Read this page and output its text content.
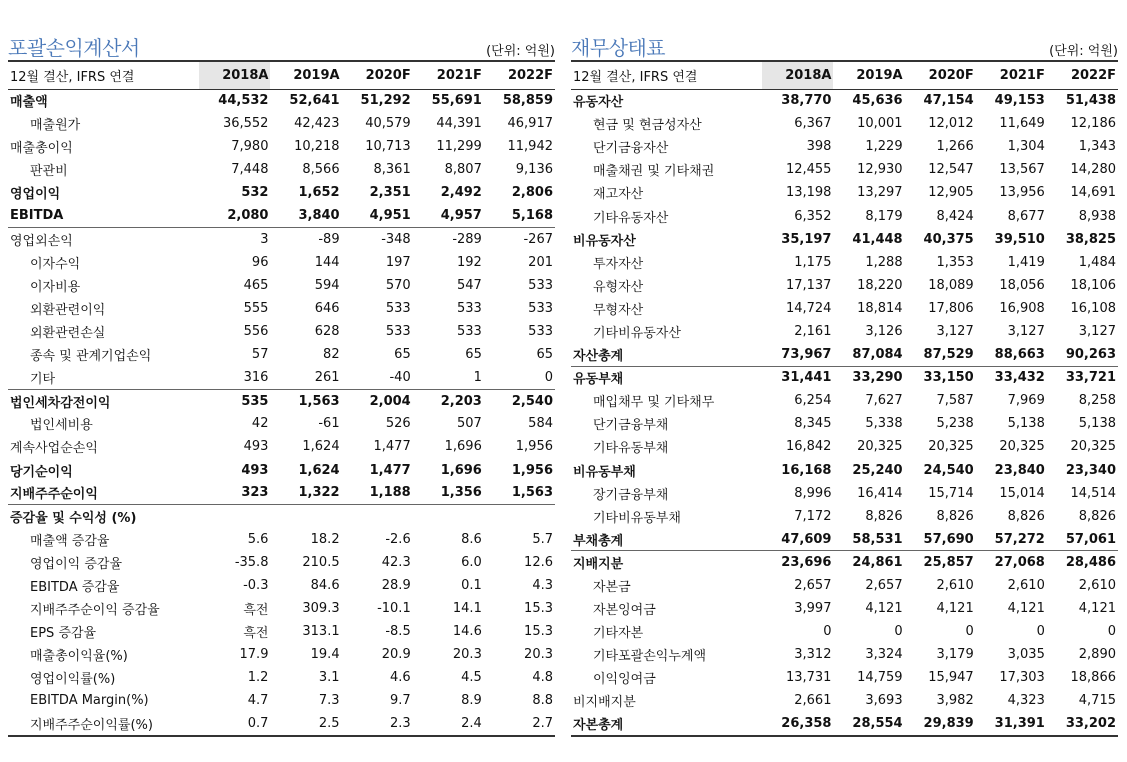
포괄손익계산서	(단위: 억원)
12월 결산, IFRS 연결	2018A	2019A	2020F	2021F	2022F
매출액	44,532	52,641	51,292	55,691	58,859
매출원가	36,552	42,423	40,579	44,391	46,917
매출총이익	7,980	10,218	10,713	11,299	11,942
판관비	7,448	8,566	8,361	8,807	9,136
영업이익	532	1,652	2,351	2,492	2,806
EBITDA	2,080	3,840	4,951	4,957	5,168
영업외손익	3	-89	-348	-289	-267
이자수익	96	144	197	192	201
이자비용	465	594	570	547	533
외환관련이익	555	646	533	533	533
외환관련손실	556	628	533	533	533
종속 및 관계기업손익	57	82	65	65	65
기타	316	261	-40	1	0
법인세차감전이익	535	1,563	2,004	2,203	2,540
법인세비용	42	-61	526	507	584
계속사업순손익	493	1,624	1,477	1,696	1,956
당기순이익	493	1,624	1,477	1,696	1,956
지배주주순이익	323	1,322	1,188	1,356	1,563
증감율 및 수익성 (%)					
매출액 증감율	5.6	18.2	-2.6	8.6	5.7
영업이익 증감율	-35.8	210.5	42.3	6.0	12.6
EBITDA 증감율	-0.3	84.6	28.9	0.1	4.3
지배주주순이익 증감율	흑전	309.3	-10.1	14.1	15.3
EPS 증감율	흑전	313.1	-8.5	14.6	15.3
매출총이익율(%)	17.9	19.4	20.9	20.3	20.3
영업이익률(%)	1.2	3.1	4.6	4.5	4.8
EBITDA Margin(%)	4.7	7.3	9.7	8.9	8.8
지배주주순이익률(%)	0.7	2.5	2.3	2.4	2.7
재무상태표	(단위: 억원)
12월 결산, IFRS 연결	2018A	2019A	2020F	2021F	2022F
유동자산	38,770	45,636	47,154	49,153	51,438
현금 및 현금성자산	6,367	10,001	12,012	11,649	12,186
단기금융자산	398	1,229	1,266	1,304	1,343
매출채권 및 기타채권	12,455	12,930	12,547	13,567	14,280
재고자산	13,198	13,297	12,905	13,956	14,691
기타유동자산	6,352	8,179	8,424	8,677	8,938
비유동자산	35,197	41,448	40,375	39,510	38,825
투자자산	1,175	1,288	1,353	1,419	1,484
유형자산	17,137	18,220	18,089	18,056	18,106
무형자산	14,724	18,814	17,806	16,908	16,108
기타비유동자산	2,161	3,126	3,127	3,127	3,127
자산총계	73,967	87,084	87,529	88,663	90,263
유동부채	31,441	33,290	33,150	33,432	33,721
매입채무 및 기타채무	6,254	7,627	7,587	7,969	8,258
단기금융부채	8,345	5,338	5,238	5,138	5,138
기타유동부채	16,842	20,325	20,325	20,325	20,325
비유동부채	16,168	25,240	24,540	23,840	23,340
장기금융부채	8,996	16,414	15,714	15,014	14,514
기타비유동부채	7,172	8,826	8,826	8,826	8,826
부채총계	47,609	58,531	57,690	57,272	57,061
지배지분	23,696	24,861	25,857	27,068	28,486
자본금	2,657	2,657	2,610	2,610	2,610
자본잉여금	3,997	4,121	4,121	4,121	4,121
기타자본	0	0	0	0	0
기타포괄손익누계액	3,312	3,324	3,179	3,035	2,890
이익잉여금	13,731	14,759	15,947	17,303	18,866
비지배지분	2,661	3,693	3,982	4,323	4,715
자본총계	26,358	28,554	29,839	31,391	33,202
